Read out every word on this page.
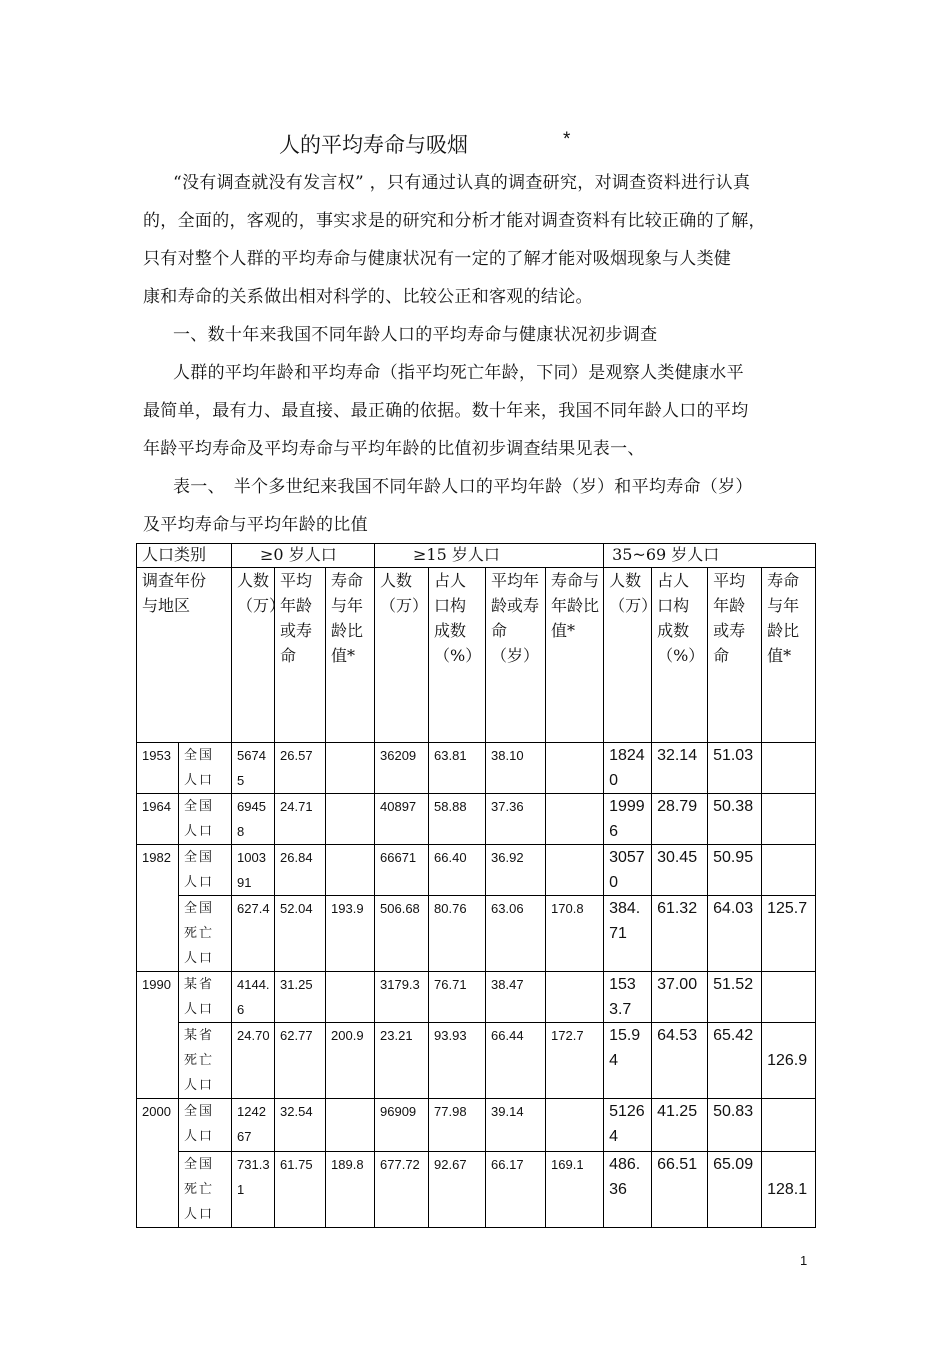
人的平均寿命与吸烟	*
“没有调查就没有发言权” ，只有通过认真的调查研究，对调查资料进行认真
的，全面的，客观的，事实求是的研究和分析才能对调查资料有比较正确的了解，
只有对整个人群的平均寿命与健康状况有一定的了解才能对吸烟现象与人类健
康和寿命的关系做出相对科学的、比较公正和客观的结论。
一、数十年来我国不同年龄人口的平均寿命与健康状况初步调查
人群的平均年龄和平均寿命（指平均死亡年龄，下同）是观察人类健康水平
最简单，最有力、最直接、最正确的依据。数十年来，我国不同年龄人口的平均
年龄平均寿命及平均寿命与平均年龄的比值初步调查结果见表一、
表一、　半个多世纪来我国不同年龄人口的平均年龄（岁）和平均寿命（岁）
及平均寿命与平均年龄的比值
人口类别		≥0 岁人口			≥15 岁人口				35~69 岁人口			
调查年份与地区		人数（万）	平均年龄或寿命	寿命与年龄比值*	人数（万）	占人口构成数（%）	平均年龄或寿命（岁）	寿命与年龄比值*	人数（万）	占人口构成数（%）	平均年龄或寿命	寿命与年龄比值*
1953	全国人口	56745	26.57		36209	63.81	38.10		18240	32.14	51.03	
1964	全国人口	69458	24.71		40897	58.88	37.36		19996	28.79	50.38	
1982	全国人口	100391	26.84		66671	66.40	36.92		30570	30.45	50.95	
	全国死亡人口	627.4	52.04	193.9	506.68	80.76	63.06	170.8	384.71	61.32	64.03	125.7
1990	某省人口	4144.6	31.25		3179.3	76.71	38.47		1533.7	37.00	51.52	
	某省死亡人口	24.70	62.77	200.9	23.21	93.93	66.44	172.7	15.94	64.53	65.42	126.9
2000	全国人口	124267	32.54		96909	77.98	39.14		51264	41.25	50.83	
	全国死亡人口	731.31	61.75	189.8	677.72	92.67	66.17	169.1	486.36	66.51	65.09	128.1
1
